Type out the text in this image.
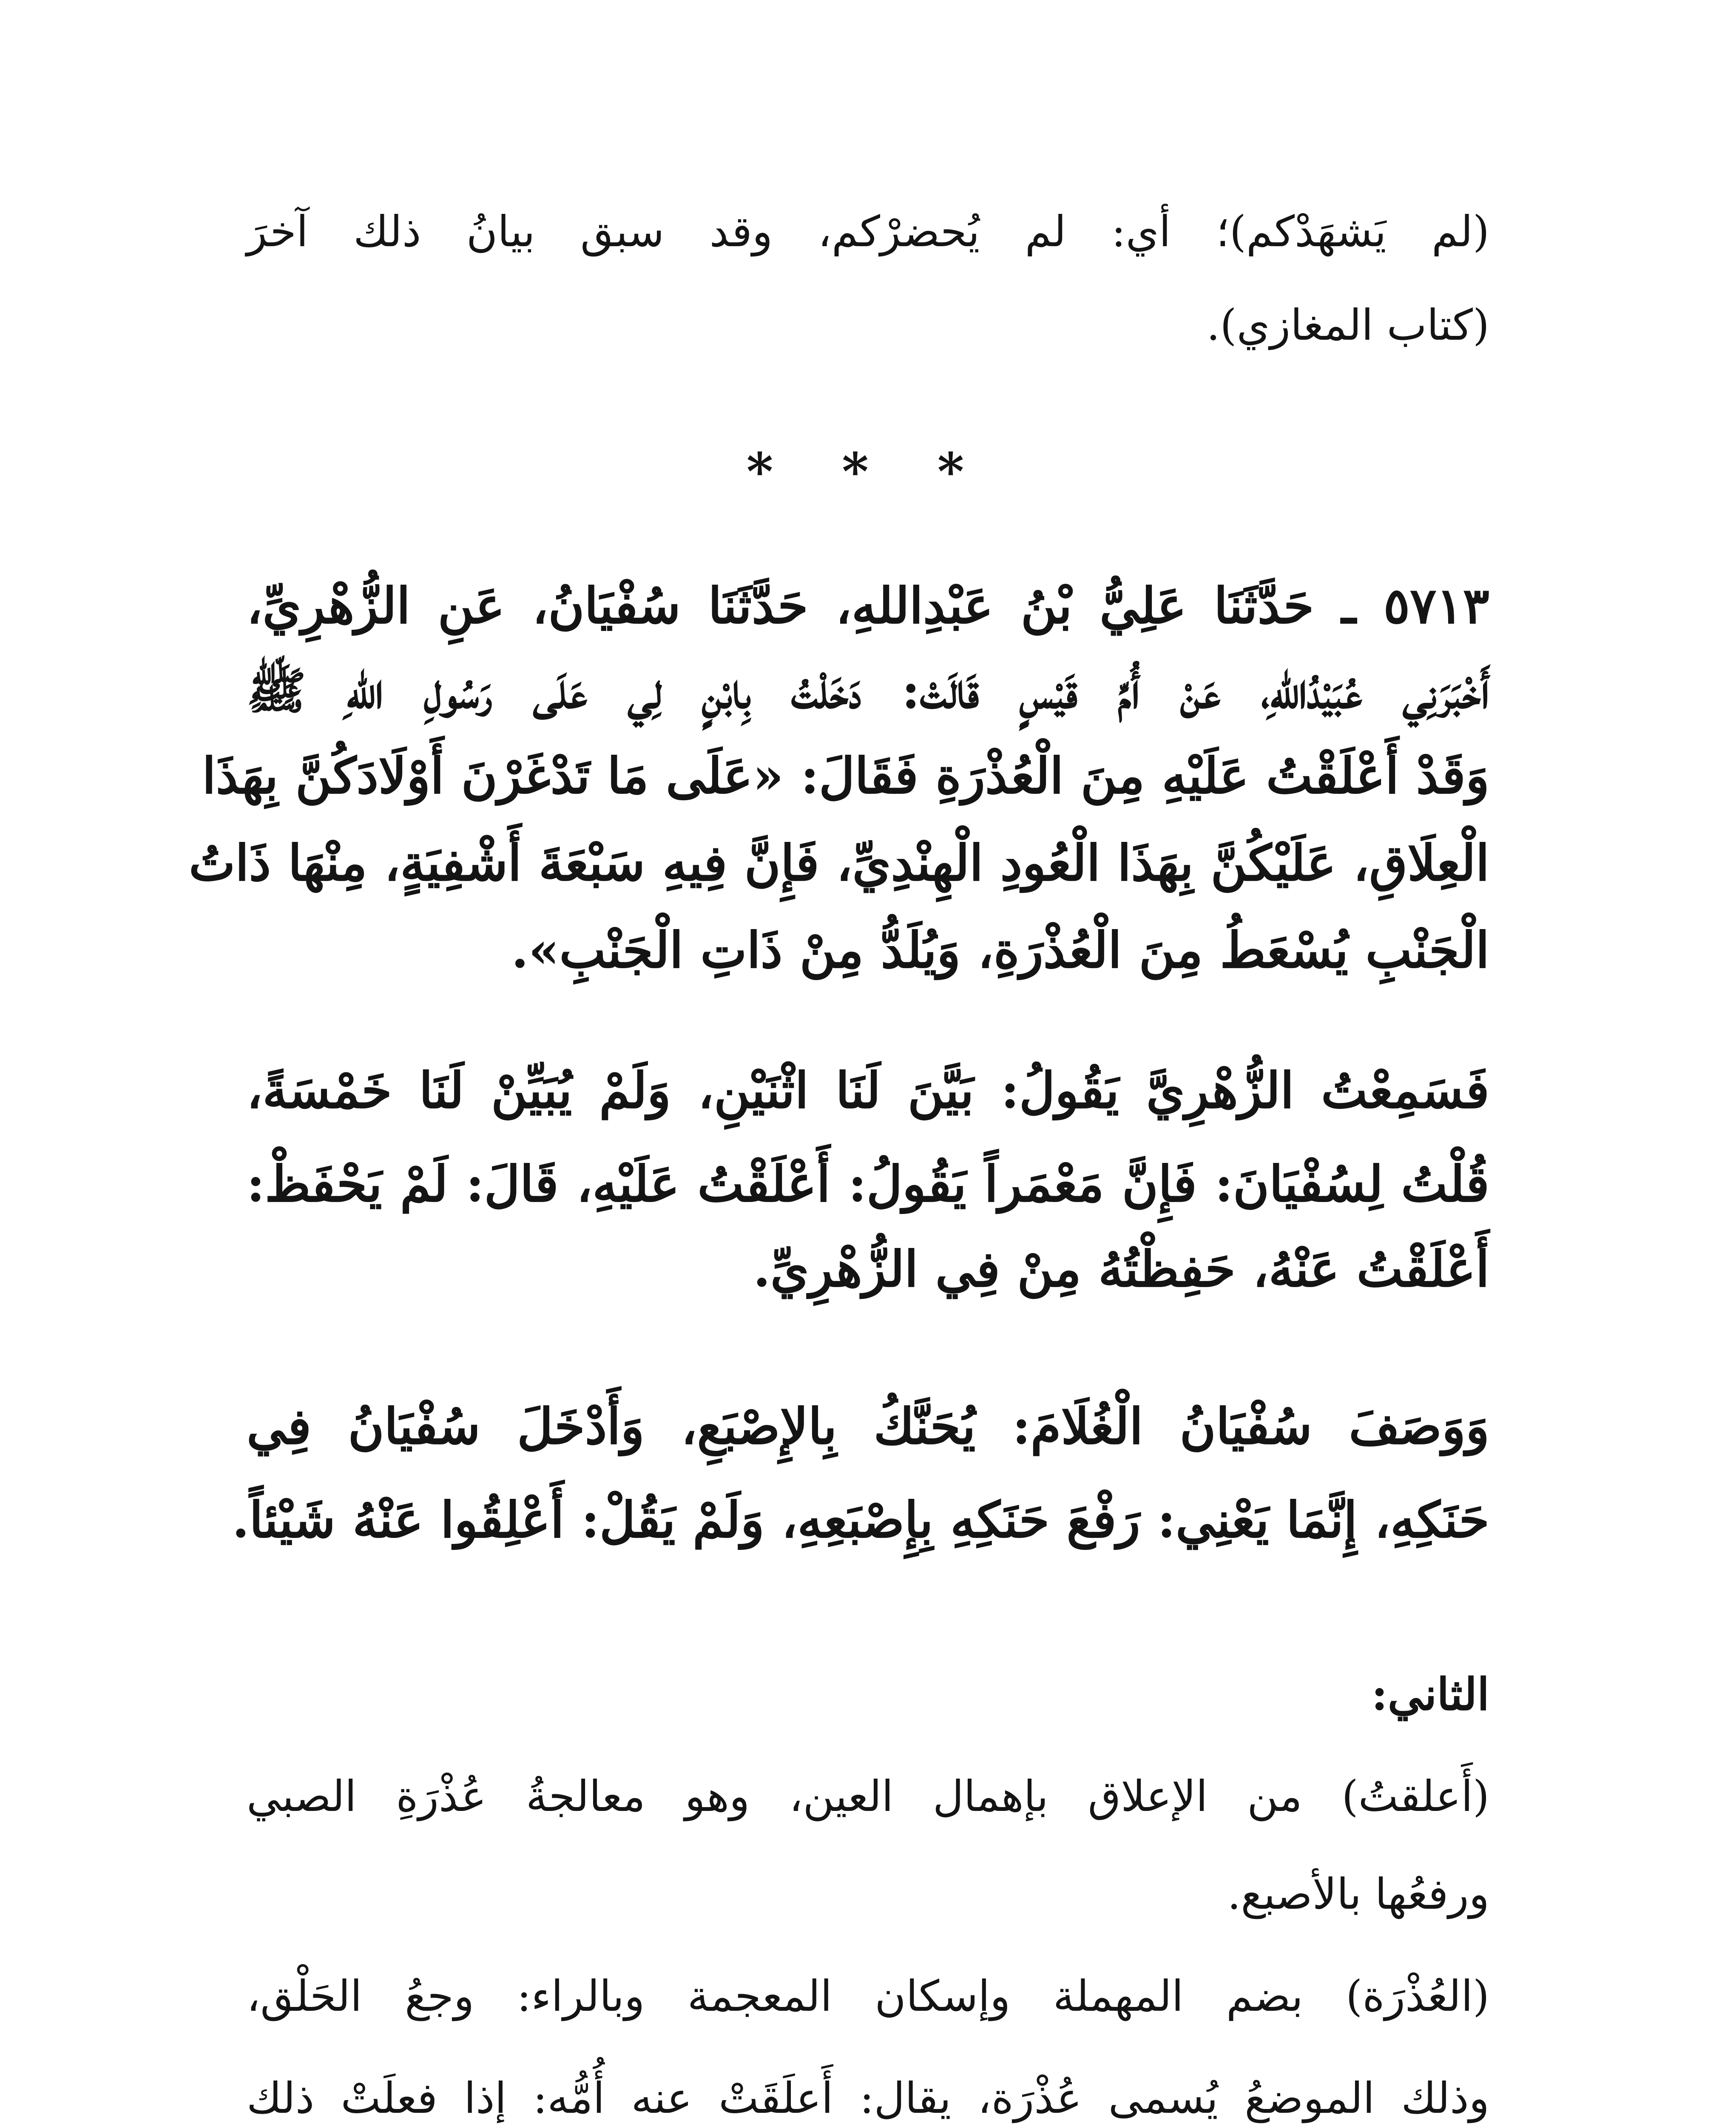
(لم يَشهَدْكم)؛ أي: لم يُحضرْكم، وقد سبق بيانُ ذلك آخرَ
(كتاب المغازي).
* * *
٥٧١٣ ـ حَدَّثَنَا عَلِيُّ بْنُ عَبْدِاللهِ، حَدَّثَنَا سُفْيَانُ، عَنِ الزُّهْرِيِّ،
أَخْبَرَنِي عُبَيْدُاللهِ، عَنْ أُمِّ قَيْسٍ قَالَتْ: دَخَلْتُ بِابْنٍ لِي عَلَى رَسُولِ اللهِ ﷺ
وَقَدْ أَعْلَقْتُ عَلَيْهِ مِنَ الْعُذْرَةِ فَقَالَ: «عَلَى مَا تَدْغَرْنَ أَوْلَادَكُنَّ بِهَذَا
الْعِلَاقِ، عَلَيْكُنَّ بِهَذَا الْعُودِ الْهِنْدِيِّ، فَإِنَّ فِيهِ سَبْعَةَ أَشْفِيَةٍ، مِنْهَا ذَاتُ
الْجَنْبِ يُسْعَطُ مِنَ الْعُذْرَةِ، وَيُلَدُّ مِنْ ذَاتِ الْجَنْبِ».
فَسَمِعْتُ الزُّهْرِيَّ يَقُولُ: بَيَّنَ لَنَا اثْنَيْنِ، وَلَمْ يُبَيِّنْ لَنَا خَمْسَةً،
قُلْتُ لِسُفْيَانَ: فَإِنَّ مَعْمَراً يَقُولُ: أَعْلَقْتُ عَلَيْهِ، قَالَ: لَمْ يَحْفَظْ:
أَعْلَقْتُ عَنْهُ، حَفِظْتُهُ مِنْ فِي الزُّهْرِيِّ.
وَوَصَفَ سُفْيَانُ الْغُلَامَ: يُحَنَّكُ بِالإِصْبَعِ، وَأَدْخَلَ سُفْيَانُ فِي
حَنَكِهِ، إِنَّمَا يَعْنِي: رَفْعَ حَنَكِهِ بِإِصْبَعِهِ، وَلَمْ يَقُلْ: أَعْلِقُوا عَنْهُ شَيْئاً.
الثاني:
(أَعلقتُ) من الإعلاق بإهمال العين، وهو معالجةُ عُذْرَةِ الصبي
ورفعُها بالأصبع.
(العُذْرَة) بضم المهملة وإسكان المعجمة وبالراء: وجعُ الحَلْق،
وذلك الموضعُ يُسمى عُذْرَة، يقال: أَعلَقَتْ عنه أُمُّه: إذا فعلَتْ ذلك
